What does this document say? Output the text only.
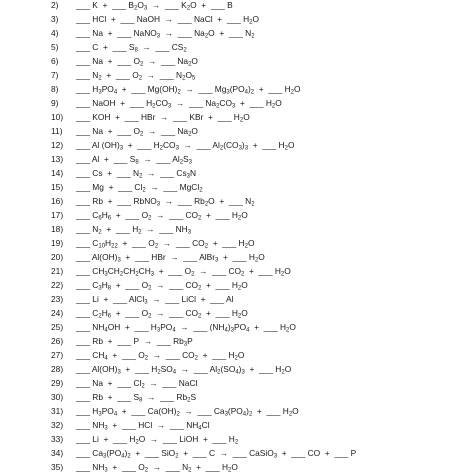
2)	___ K  +  ___ $B_2O_3$  →  ___ $K_2O$  +  ___ B
3)	___ HCl  +  ___ NaOH  →  ___ NaCl  +  ___ $H_2O$
4)	___ Na  +  ___ NaNO$_3$  →  ___ $Na_2O$  +  ___ $N_2$
5)	___ C  +  ___ $S_8$  →  ___ $CS_2$
6)	___ Na  +  ___ $O_2$  →  ___ $Na_2O$
7)	___ $N_2$  +  ___ $O_2$  →  ___ $N_2O_5$
8)	___ $H_3PO_4$  +  ___ $Mg(OH)_2$  →  ___ $Mg_3(PO_4)_2$  +  ___ $H_2O$
9)	___ NaOH  +  ___ $H_2CO_3$  →  ___ $Na_2CO_3$  +  ___ $H_2O$
10)	___ KOH  +  ___ HBr  →  ___ KBr  +  ___ $H_2O$
11)	___ Na  +  ___ $O_2$  →  ___ $Na_2O$
12)	___ Al $(OH)_3$  +  ___ $H_2CO_3$  →  ___ $Al_2(CO_3)_3$  +  ___ $H_2O$
13)	___ Al  +  ___ $S_8$  →  ___ $Al_2S_3$
14)	___ Cs  +  ___ $N_2$  →  ___ $Cs_3N$
15)	___ Mg  +  ___ $Cl_2$  →  ___ MgCl$_2$
16)	___ Rb  +  ___ RbNO$_3$  →  ___ $Rb_2O$  +  ___ $N_2$
17)	___ $C_6H_6$  +  ___ $O_2$  →  ___ $CO_2$  +  ___ $H_2O$
18)	___ $N_2$  +  ___ $H_2$  →  ___ $NH_3$
19)	___ $C_{10}H_{22}$  +  ___ $O_2$  →  ___ $CO_2$  +  ___ $H_2O$
20)	___ $Al(OH)_3$  +  ___ HBr  →  ___ AlBr$_3$  +  ___ $H_2O$
21)	___ $CH_3CH_2CH_2CH_3$  +  ___ $O_2$  →  ___ $CO_2$  +  ___ $H_2O$
22)	___ $C_3H_8$  +  ___ $O_2$  →  ___ $CO_2$  +  ___ $H_2O$
23)	___ Li  +  ___ AlCl$_3$  →  ___ LiCl  +  ___ Al
24)	___ $C_2H_6$  +  ___ $O_2$  →  ___ $CO_2$  +  ___ $H_2O$
25)	___ $NH_4OH$  +  ___ $H_3PO_4$  →  ___ $(NH_4)_3PO_4$  +  ___ $H_2O$
26)	___ Rb  +  ___ P  →  ___ $Rb_3P$
27)	___ $CH_4$  +  ___ $O_2$  →  ___ $CO_2$  +  ___ $H_2O$
28)	___ $Al(OH)_3$  +  ___ $H_2SO_4$  →  ___ $Al_2(SO_4)_3$  +  ___ $H_2O$
29)	___ Na  +  ___ $Cl_2$  →  ___ NaCl
30)	___ Rb  +  ___ $S_8$  →  ___ $Rb_2S$
31)	___ $H_3PO_4$  +  ___ $Ca(OH)_2$  →  ___ $Ca_3(PO_4)_2$  +  ___ $H_2O$
32)	___ $NH_3$  +  ___ HCl  →  ___ $NH_4Cl$
33)	___ Li  +  ___ $H_2O$  →  ___ LiOH  +  ___ $H_2$
34)	___ $Ca_3(PO_4)_2$  +  ___ SiO$_2$  +  ___ C  →  ___ CaSiO$_3$  +  ___ CO  +  ___ P
35)	___ $NH_3$  +  ___ $O_2$  →  ___ $N_2$  +  ___ $H_2O$
